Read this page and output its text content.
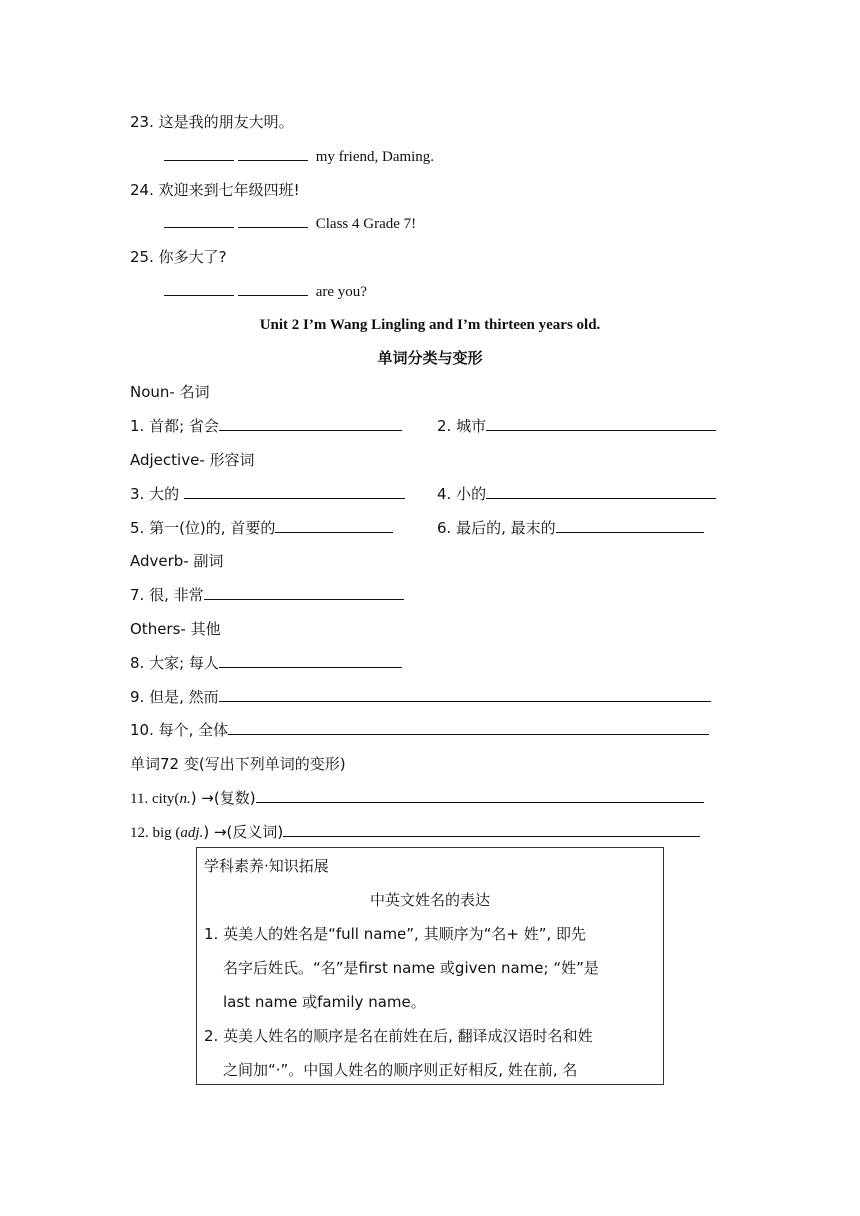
23. 这是我的朋友大明。
my friend, Daming.
24. 欢迎来到七年级四班!
Class 4 Grade 7!
25. 你多大了?
are you?
Unit 2 I’m Wang Lingling and I’m thirteen years old.
单词分类与变形
Noun- 名词
1. 首都; 省会	2. 城市
Adjective- 形容词
3. 大的	4. 小的
5. 第一(位)的, 首要的	6. 最后的, 最末的
Adverb- 副词
7. 很, 非常
Others- 其他
8. 大家; 每人
9. 但是, 然而
10. 每个, 全体
单词72 变(写出下列单词的变形)
11. city(n.) →(复数)
12. big (adj.) →(反义词)
学科素养·知识拓展
中英文姓名的表达
1. 英美人的姓名是“full name”, 其顺序为“名+ 姓”, 即先
名字后姓氏。“名”是first name 或given name; “姓”是
last name 或family name。
2. 英美人姓名的顺序是名在前姓在后, 翻译成汉语时名和姓
之间加“·”。中国人姓名的顺序则正好相反, 姓在前, 名
